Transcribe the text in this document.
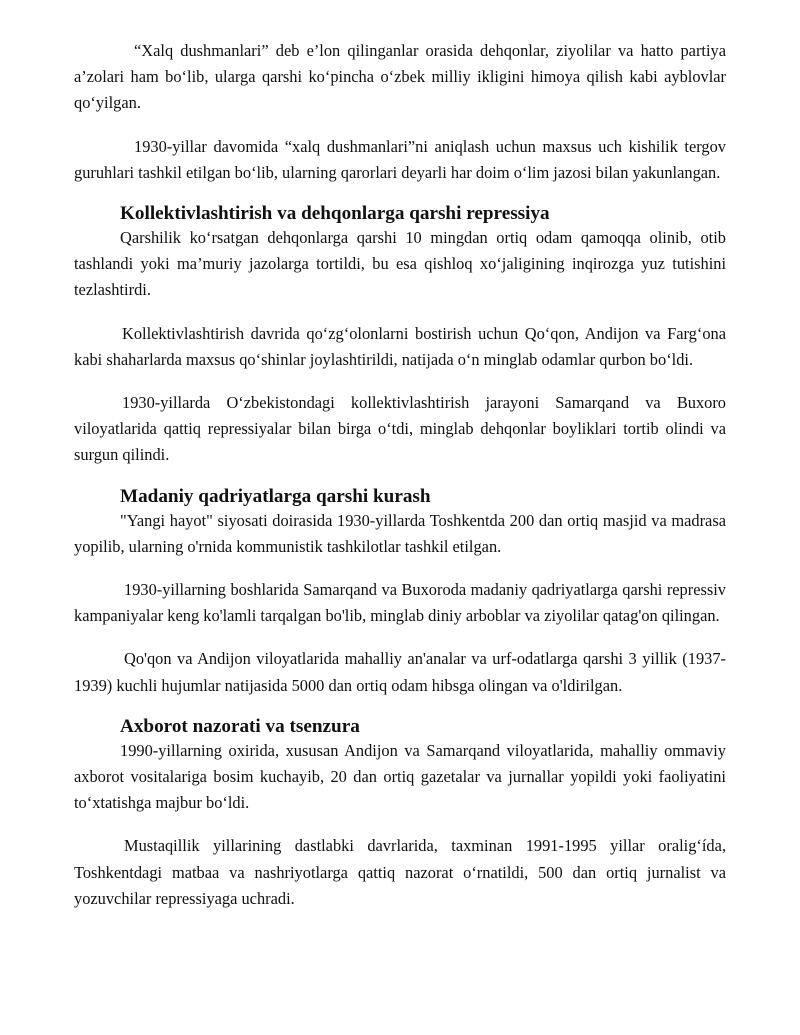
“Xalq dushmanlari” deb e’lon qilinganlar orasida dehqonlar, ziyolilar va hatto partiya a’zolari ham bo‘lib, ularga qarshi ko‘pincha o‘zbek milliy ikligini himoya qilish kabi ayblovlar qo‘yilgan.

1930-yillar davomida “xalq dushmanlari”ni aniqlash uchun maxsus uch kishilik tergov guruhlari tashkil etilgan bo‘lib, ularning qarorlari deyarli har doim o‘lim jazosi bilan yakunlangan.

Kollektivlashtirish va dehqonlarga qarshi repressiya

Qarshilik ko‘rsatgan dehqonlarga qarshi 10 mingdan ortiq odam qamoqqa olinib, otib tashlandi yoki ma’muriy jazolarga tortildi, bu esa qishloq xo‘jaligining inqirozga yuz tutishini tezlashtirdi.

Kollektivlashtirish davrida qo‘zg‘olonlarni bostirish uchun Qo‘qon, Andijon va Farg‘ona kabi shaharlarda maxsus qo‘shinlar joylashtirildi, natijada o‘n minglab odamlar qurbon bo‘ldi.

1930-yillarda O‘zbekistondagi kollektivlashtirish jarayoni Samarqand va Buxoro viloyatlarida qattiq repressiyalar bilan birga o‘tdi, minglab dehqonlar boyliklari tortib olindi va surgun qilindi.

Madaniy qadriyatlarga qarshi kurash

"Yangi hayot" siyosati doirasida 1930-yillarda Toshkentda 200 dan ortiq masjid va madrasa yopilib, ularning o'rnida kommunistik tashkilotlar tashkil etilgan.

1930-yillarning boshlarida Samarqand va Buxoroda madaniy qadriyatlarga qarshi repressiv kampaniyalar keng ko'lamli tarqalgan bo'lib, minglab diniy arboblar va ziyolilar qatag'on qilingan.

Qo'qon va Andijon viloyatlarida mahalliy an'analar va urf-odatlarga qarshi 3 yillik (1937-1939) kuchli hujumlar natijasida 5000 dan ortiq odam hibsga olingan va o'ldirilgan.

Axborot nazorati va tsenzura

1990-yillarning oxirida, xususan Andijon va Samarqand viloyatlarida, mahalliy ommaviy axborot vositalariga bosim kuchayib, 20 dan ortiq gazetalar va jurnallar yopildi yoki faoliyatini to‘xtatishga majbur bo‘ldi.

Mustaqillik yillarining dastlabki davrlarida, taxminan 1991-1995 yillar oralig‘ída, Toshkentdagi matbaa va nashriyotlarga qattiq nazorat o‘rnatildi, 500 dan ortiq jurnalist va yozuvchilar repressiyaga uchradi.
